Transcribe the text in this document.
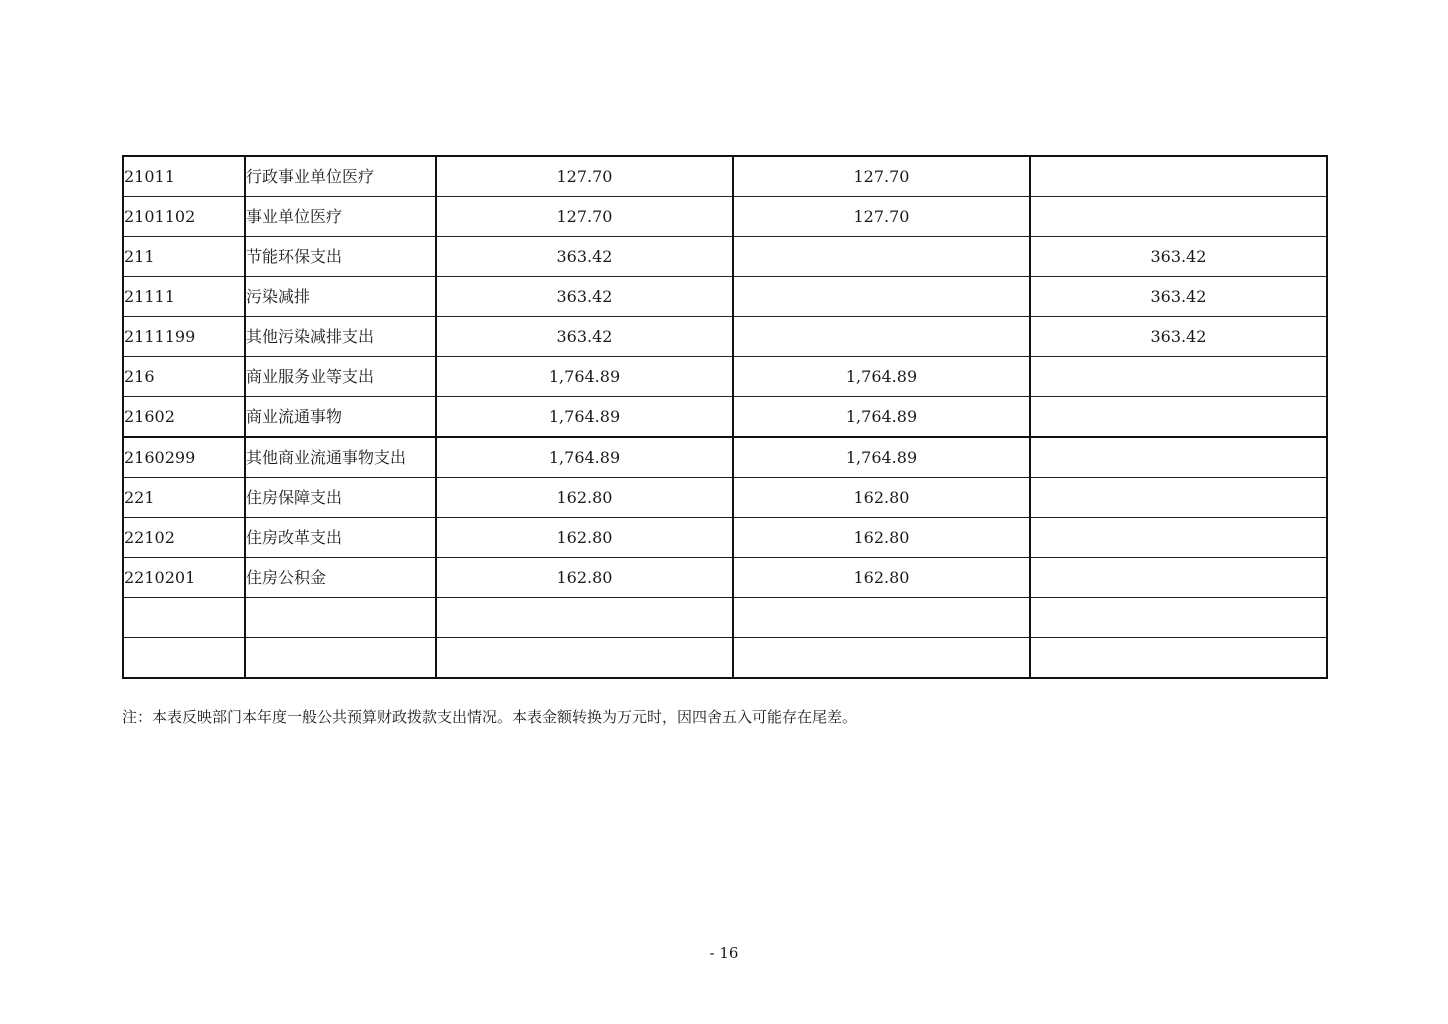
21011	行政事业单位医疗	127.70	127.70	
2101102	事业单位医疗	127.70	127.70	
211	节能环保支出	363.42		363.42
21111	污染减排	363.42		363.42
2111199	其他污染减排支出	363.42		363.42
216	商业服务业等支出	1,764.89	1,764.89	
21602	商业流通事物	1,764.89	1,764.89	
2160299	其他商业流通事物支出	1,764.89	1,764.89	
221	住房保障支出	162.80	162.80	
22102	住房改革支出	162.80	162.80	
2210201	住房公积金	162.80	162.80	

注：本表反映部门本年度一般公共预算财政拨款支出情况。本表金额转换为万元时，因四舍五入可能存在尾差。
- 16
